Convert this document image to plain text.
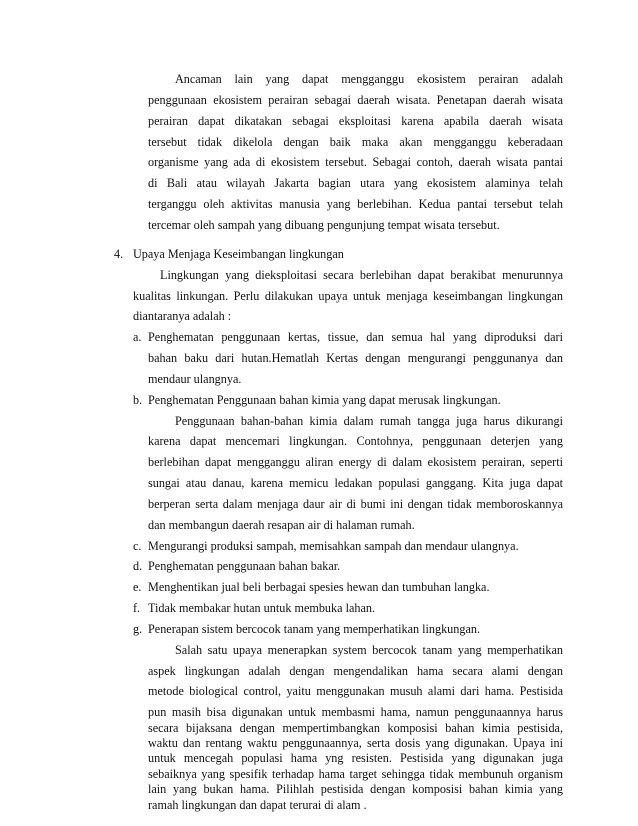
Ancaman lain yang dapat mengganggu ekosistem perairan adalah
penggunaan ekosistem perairan sebagai daerah wisata. Penetapan daerah wisata
perairan dapat dikatakan sebagai eksploitasi karena apabila daerah wisata
tersebut tidak dikelola dengan baik maka akan mengganggu keberadaan
organisme yang ada di ekosistem tersebut. Sebagai contoh, daerah wisata pantai
di Bali atau wilayah Jakarta bagian utara yang ekosistem alaminya telah
terganggu oleh aktivitas manusia yang berlebihan. Kedua pantai tersebut telah
tercemar oleh sampah yang dibuang pengunjung tempat wisata tersebut.
4. Upaya Menjaga Keseimbangan lingkungan
Lingkungan yang dieksploitasi secara berlebihan dapat berakibat menurunnya
kualitas linkungan. Perlu dilakukan upaya untuk menjaga keseimbangan lingkungan
diantaranya adalah :
a. Penghematan penggunaan kertas, tissue, dan semua hal yang diproduksi dari
bahan baku dari hutan.Hematlah Kertas dengan mengurangi penggunanya dan
mendaur ulangnya.
b. Penghematan Penggunaan bahan kimia yang dapat merusak lingkungan.
Penggunaan bahan-bahan kimia dalam rumah tangga juga harus dikurangi
karena dapat mencemari lingkungan. Contohnya, penggunaan deterjen yang
berlebihan dapat mengganggu aliran energy di dalam ekosistem perairan, seperti
sungai atau danau, karena memicu ledakan populasi ganggang. Kita juga dapat
berperan serta dalam menjaga daur air di bumi ini dengan tidak memboroskannya
dan membangun daerah resapan air di halaman rumah.
c. Mengurangi produksi sampah, memisahkan sampah dan mendaur ulangnya.
d. Penghematan penggunaan bahan bakar.
e. Menghentikan jual beli berbagai spesies hewan dan tumbuhan langka.
f. Tidak membakar hutan untuk membuka lahan.
g. Penerapan sistem bercocok tanam yang memperhatikan lingkungan.
Salah satu upaya menerapkan system bercocok tanam yang memperhatikan
aspek lingkungan adalah dengan mengendalikan hama secara alami dengan
metode biological control, yaitu menggunakan musuh alami dari hama. Pestisida
pun masih bisa digunakan untuk membasmi hama, namun penggunaannya harus
secara bijaksana dengan mempertimbangkan komposisi bahan kimia pestisida,
waktu dan rentang waktu penggunaannya, serta dosis yang digunakan. Upaya ini
untuk mencegah populasi hama yng resisten. Pestisida yang digunakan juga
sebaiknya yang spesifik terhadap hama target sehingga tidak membunuh organism
lain yang bukan hama. Pilihlah pestisida dengan komposisi bahan kimia yang
ramah lingkungan dan dapat terurai di alam .
